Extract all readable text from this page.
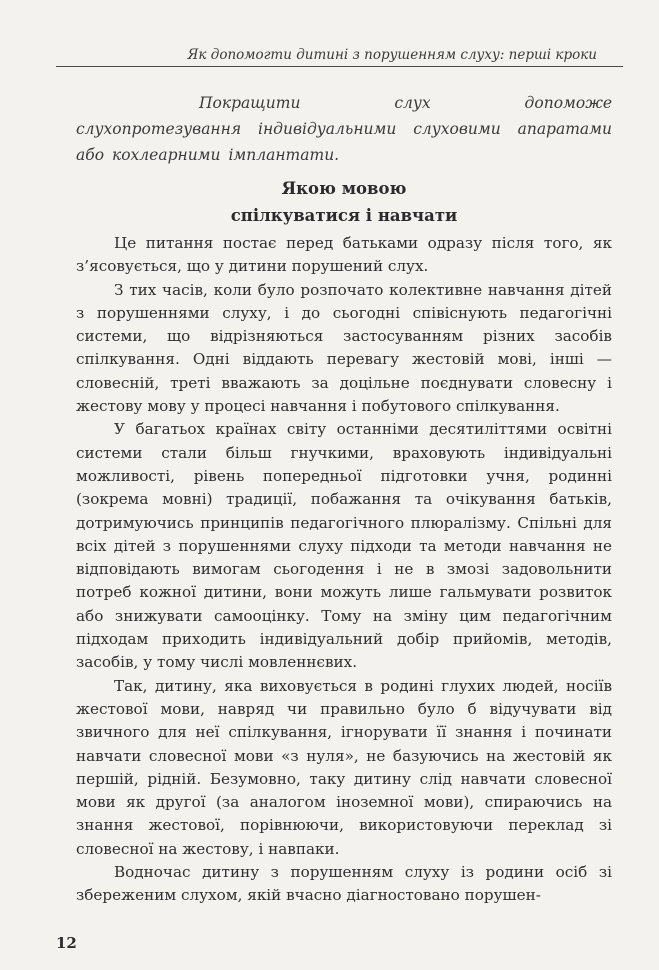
Як допомогти дитині з порушенням слуху: перші кроки

Покращити слух допоможе слухопротезування індивідуальними слуховими апаратами або кохлеарними імплантати.

Якою мовою
спілкуватися і навчати

Це питання постає перед батьками одразу після того, як з’ясовується, що у дитини порушений слух.

З тих часів, коли було розпочато колективне навчання дітей з порушеннями слуху, і до сьогодні співіснують педагогічні системи, що відрізняються застосуванням різних засобів спілкування. Одні віддають перевагу жестовій мові, інші — словесній, треті вважають за доцільне поєднувати словесну і жестову мову у процесі навчання і побутового спілкування.

У багатьох країнах світу останніми десятиліттями освітні системи стали більш гнучкими, враховують індивідуальні можливості, рівень попередньої підготовки учня, родинні (зокрема мовні) традиції, побажання та очікування батьків, дотримуючись принципів педагогічного плюралізму. Спільні для всіх дітей з порушеннями слуху підходи та методи навчання не відповідають вимогам сьогодення і не в змозі задовольнити потреб кожної дитини, вони можуть лише гальмувати розвиток або знижувати самооцінку. Тому на зміну цим педагогічним підходам приходить індивідуальний добір прийомів, методів, засобів, у тому числі мовленнєвих.

Так, дитину, яка виховується в родині глухих людей, носіїв жестової мови, навряд чи правильно було б відучувати від звичного для неї спілкування, ігнорувати її знання і починати навчати словесної мови «з нуля», не базуючись на жестовій як першій, рідній. Безумовно, таку дитину слід навчати словесної мови як другої (за аналогом іноземної мови), спираючись на знання жестової, порівнюючи, використовуючи переклад зі словесної на жестову, і навпаки.

Водночас дитину з порушенням слуху із родини осіб зі збереженим слухом, якій вчасно діагностовано порушен-

12
